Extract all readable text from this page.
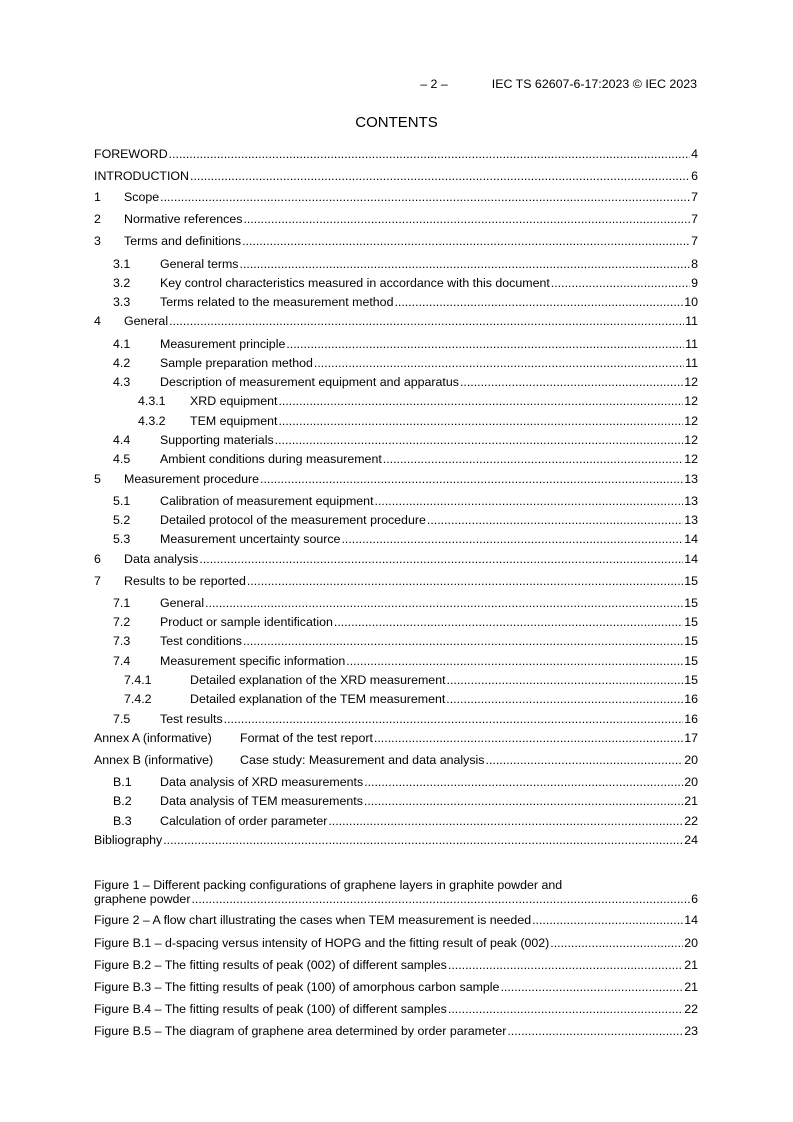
– 2 –	IEC TS 62607-6-17:2023 © IEC 2023
CONTENTS
FOREWORD .....	4
INTRODUCTION .....	6
1	Scope .....	7
2	Normative references .....	7
3	Terms and definitions .....	7
3.1	General terms .....	8
3.2	Key control characteristics measured in accordance with this document .....	9
3.3	Terms related to the measurement method .....	10
4	General .....	11
4.1	Measurement principle .....	11
4.2	Sample preparation method .....	11
4.3	Description of measurement equipment and apparatus .....	12
4.3.1	XRD equipment .....	12
4.3.2	TEM equipment .....	12
4.4	Supporting materials .....	12
4.5	Ambient conditions during measurement .....	12
5	Measurement procedure .....	13
5.1	Calibration of measurement equipment .....	13
5.2	Detailed protocol of the measurement procedure .....	13
5.3	Measurement uncertainty source .....	14
6	Data analysis .....	14
7	Results to be reported .....	15
7.1	General .....	15
7.2	Product or sample identification .....	15
7.3	Test conditions .....	15
7.4	Measurement specific information .....	15
7.4.1	Detailed explanation of the XRD measurement .....	15
7.4.2	Detailed explanation of the TEM measurement .....	16
7.5	Test results .....	16
Annex A (informative)	Format of the test report .....	17
Annex B (informative)	Case study: Measurement and data analysis .....	20
B.1	Data analysis of XRD measurements .....	20
B.2	Data analysis of TEM measurements .....	21
B.3	Calculation of order parameter .....	22
Bibliography .....	24
Figure 1 – Different packing configurations of graphene layers in graphite powder and
graphene powder .....	6
Figure 2 – A flow chart illustrating the cases when TEM measurement is needed .....	14
Figure B.1 – d-spacing versus intensity of HOPG and the fitting result of peak (002) .....	20
Figure B.2 – The fitting results of peak (002) of different samples .....	21
Figure B.3 – The fitting results of peak (100) of amorphous carbon sample .....	21
Figure B.4 – The fitting results of peak (100) of different samples .....	22
Figure B.5 – The diagram of graphene area determined by order parameter .....	23
